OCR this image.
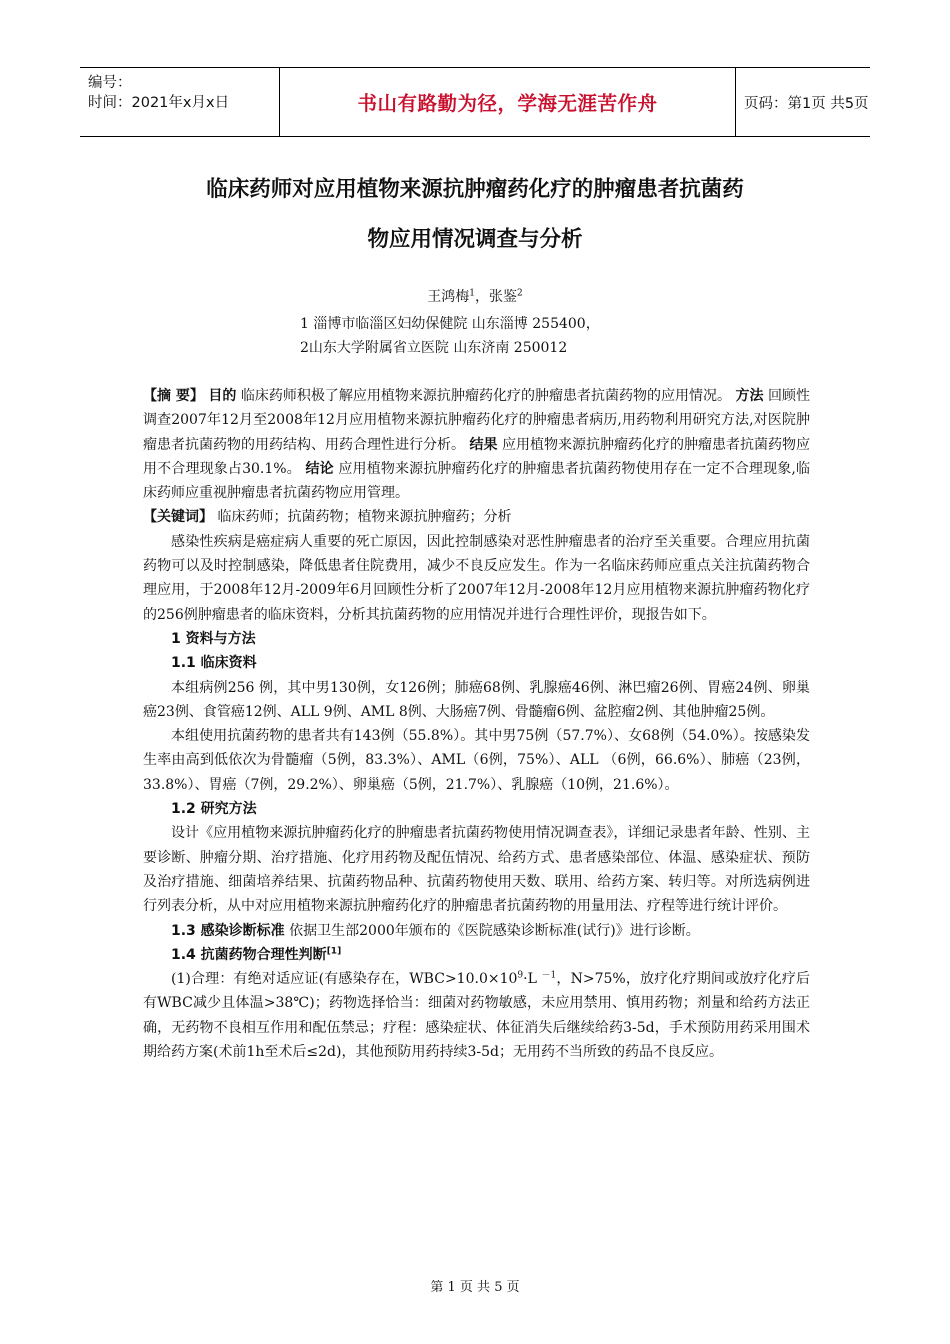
编号：
时间：2021年x月x日	书山有路勤为径，学海无涯苦作舟	页码：第1页 共5页
临床药师对应用植物来源抗肿瘤药化疗的肿瘤患者抗菌药
物应用情况调查与分析
王鸿梅$^1$，张鉴$^2$
1 淄博市临淄区妇幼保健院 山东淄博 255400，
2山东大学附属省立医院 山东济南 250012

【摘 要】 目的 临床药师积极了解应用植物来源抗肿瘤药化疗的肿瘤患者抗菌药物的应用情况。 方法 回顾性调查2007年12月至2008年12月应用植物来源抗肿瘤药化疗的肿瘤患者病历,用药物利用研究方法,对医院肿瘤患者抗菌药物的用药结构、用药合理性进行分析。 结果 应用植物来源抗肿瘤药化疗的肿瘤患者抗菌药物应用不合理现象占30.1%。 结论 应用植物来源抗肿瘤药化疗的肿瘤患者抗菌药物使用存在一定不合理现象,临床药师应重视肿瘤患者抗菌药物应用管理。

【关键词】 临床药师；抗菌药物；植物来源抗肿瘤药；分析

感染性疾病是癌症病人重要的死亡原因，因此控制感染对恶性肿瘤患者的治疗至关重要。合理应用抗菌药物可以及时控制感染，降低患者住院费用，减少不良反应发生。作为一名临床药师应重点关注抗菌药物合理应用，于2008年12月-2009年6月回顾性分析了2007年12月-2008年12月应用植物来源抗肿瘤药物化疗的256例肿瘤患者的临床资料，分析其抗菌药物的应用情况并进行合理性评价，现报告如下。

1 资料与方法

1.1 临床资料

本组病例256 例，其中男130例，女126例；肺癌68例、乳腺癌46例、淋巴瘤26例、胃癌24例、卵巢癌23例、食管癌12例、ALL 9例、AML 8例、大肠癌7例、骨髓瘤6例、盆腔瘤2例、其他肿瘤25例。

本组使用抗菌药物的患者共有143例（55.8%）。其中男75例（57.7%）、女68例（54.0%）。按感染发生率由高到低依次为骨髓瘤（5例，83.3%）、AML（6例，75%）、ALL （6例，66.6%）、肺癌（23例，33.8%）、胃癌（7例，29.2%）、卵巢癌（5例，21.7%）、乳腺癌（10例，21.6%）。

1.2 研究方法

设计《应用植物来源抗肿瘤药化疗的肿瘤患者抗菌药物使用情况调查表》，详细记录患者年龄、性别、主要诊断、肿瘤分期、治疗措施、化疗用药物及配伍情况、给药方式、患者感染部位、体温、感染症状、预防及治疗措施、细菌培养结果、抗菌药物品种、抗菌药物使用天数、联用、给药方案、转归等。对所选病例进行列表分析，从中对应用植物来源抗肿瘤药化疗的肿瘤患者抗菌药物的用量用法、疗程等进行统计评价。

1.3 感染诊断标准 依据卫生部2000年颁布的《医院感染诊断标准(试行)》进行诊断。

1.4 抗菌药物合理性判断[1]

(1)合理：有绝对适应证(有感染存在，$WBC>10.0\times 10^9\cdot L$ $^{-1}$，N>75%，放疗化疗期间或放疗化疗后有WBC减少且体温>38℃)；药物选择恰当：细菌对药物敏感，未应用禁用、慎用药物；剂量和给药方法正确，无药物不良相互作用和配伍禁忌；疗程：感染症状、体征消失后继续给药3-5d，手术预防用药采用围术期给药方案(术前1h至术后≤2d)，其他预防用药持续3-5d；无用药不当所致的药品不良反应。

第 1 页 共 5 页
